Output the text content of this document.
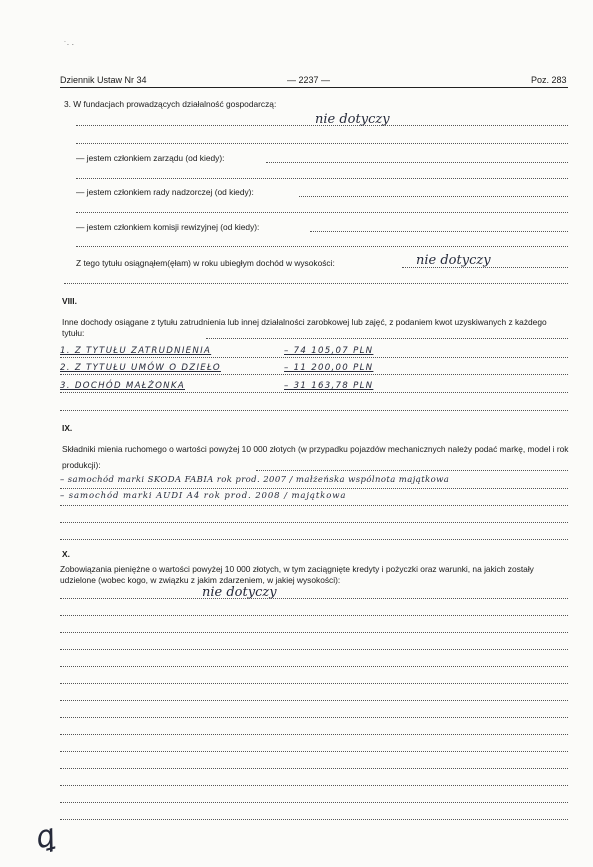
˙· ·
Dziennik Ustaw Nr 34	— 2237 —	Poz. 283
3. W fundacjach prowadzących działalność gospodarczą:
nie dotyczy
— jestem członkiem zarządu (od kiedy):
— jestem członkiem rady nadzorczej (od kiedy):
— jestem członkiem komisji rewizyjnej (od kiedy):
Z tego tytułu osiągnąłem(ęłam) w roku ubiegłym dochód w wysokości:	nie dotyczy
VIII.
Inne dochody osiągane z tytułu zatrudnienia lub innej działalności zarobkowej lub zajęć, z podaniem kwot uzyskiwanych z każdego tytułu:
1. Z TYTUŁU ZATRUDNIENIA	– 74 105,07 PLN
2. Z TYTUŁU UMÓW O DZIEŁO	– 11 200,00 PLN
3. DOCHÓD MAŁŻONKA	– 31 163,78 PLN
IX.
Składniki mienia ruchomego o wartości powyżej 10 000 złotych (w przypadku pojazdów mechanicznych należy podać markę, model i rok produkcji):
– samochód marki SKODA FABIA rok prod. 2007 / małżeńska wspólnota majątkowa
– samochód marki AUDI A4 rok prod. 2008 / majątkowa
X.
Zobowiązania pieniężne o wartości powyżej 10 000 złotych, w tym zaciągnięte kredyty i pożyczki oraz warunki, na jakich zostały udzielone (wobec kogo, w związku z jakim zdarzeniem, w jakiej wysokości):
nie dotyczy
ꝗ
